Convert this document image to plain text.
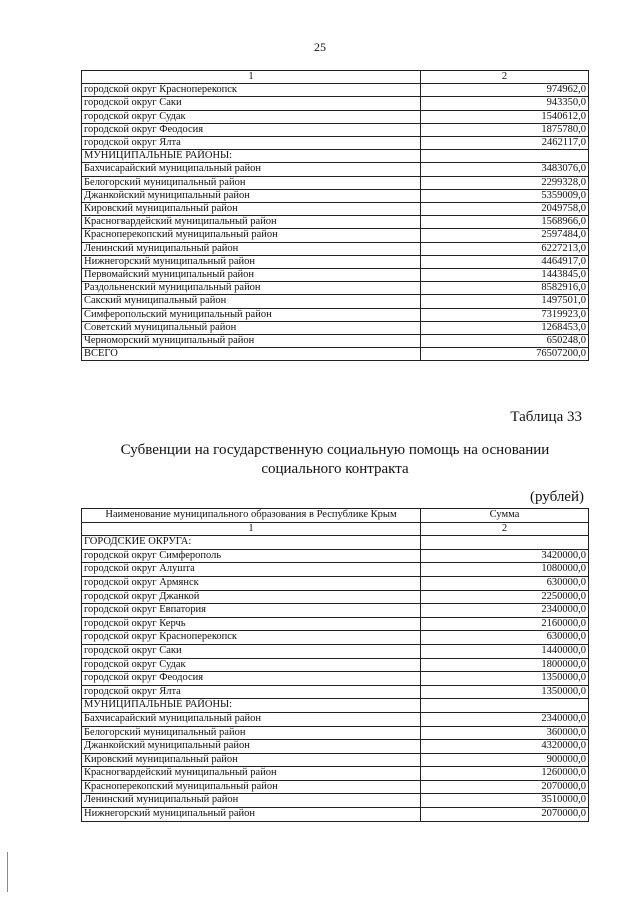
25
1	2
городской округ Красноперекопск	974962,0
городской округ Саки	943350,0
городской округ Судак	1540612,0
городской округ Феодосия	1875780,0
городской округ Ялта	2462117,0
МУНИЦИПАЛЬНЫЕ РАЙОНЫ:	
Бахчисарайский муниципальный район	3483076,0
Белогорский муниципальный район	2299328,0
Джанкойский муниципальный район	5359009,0
Кировский муниципальный район	2049758,0
Красногвардейский муниципальный район	1568966,0
Красноперекопский муниципальный район	2597484,0
Ленинский муниципальный район	6227213,0
Нижнегорский муниципальный район	4464917,0
Первомайский муниципальный район	1443845,0
Раздольненский муниципальный район	8582916,0
Сакский муниципальный район	1497501,0
Симферопольский муниципальный район	7319923,0
Советский муниципальный район	1268453,0
Черноморский муниципальный район	650248,0
ВСЕГО	76507200,0
Таблица 33
Субвенции на государственную социальную помощь на основании
социального контракта
(рублей)
Наименование муниципального образования в Республике Крым	Сумма
1	2
ГОРОДСКИЕ ОКРУГА:	
городской округ Симферополь	3420000,0
городской округ Алушта	1080000,0
городской округ Армянск	630000,0
городской округ Джанкой	2250000,0
городской округ Евпатория	2340000,0
городской округ Керчь	2160000,0
городской округ Красноперекопск	630000,0
городской округ Саки	1440000,0
городской округ Судак	1800000,0
городской округ Феодосия	1350000,0
городской округ Ялта	1350000,0
МУНИЦИПАЛЬНЫЕ РАЙОНЫ:	
Бахчисарайский муниципальный район	2340000,0
Белогорский муниципальный район	360000,0
Джанкойский муниципальный район	4320000,0
Кировский муниципальный район	900000,0
Красногвардейский муниципальный район	1260000,0
Красноперекопский муниципальный район	2070000,0
Ленинский муниципальный район	3510000,0
Нижнегорский муниципальный район	2070000,0
